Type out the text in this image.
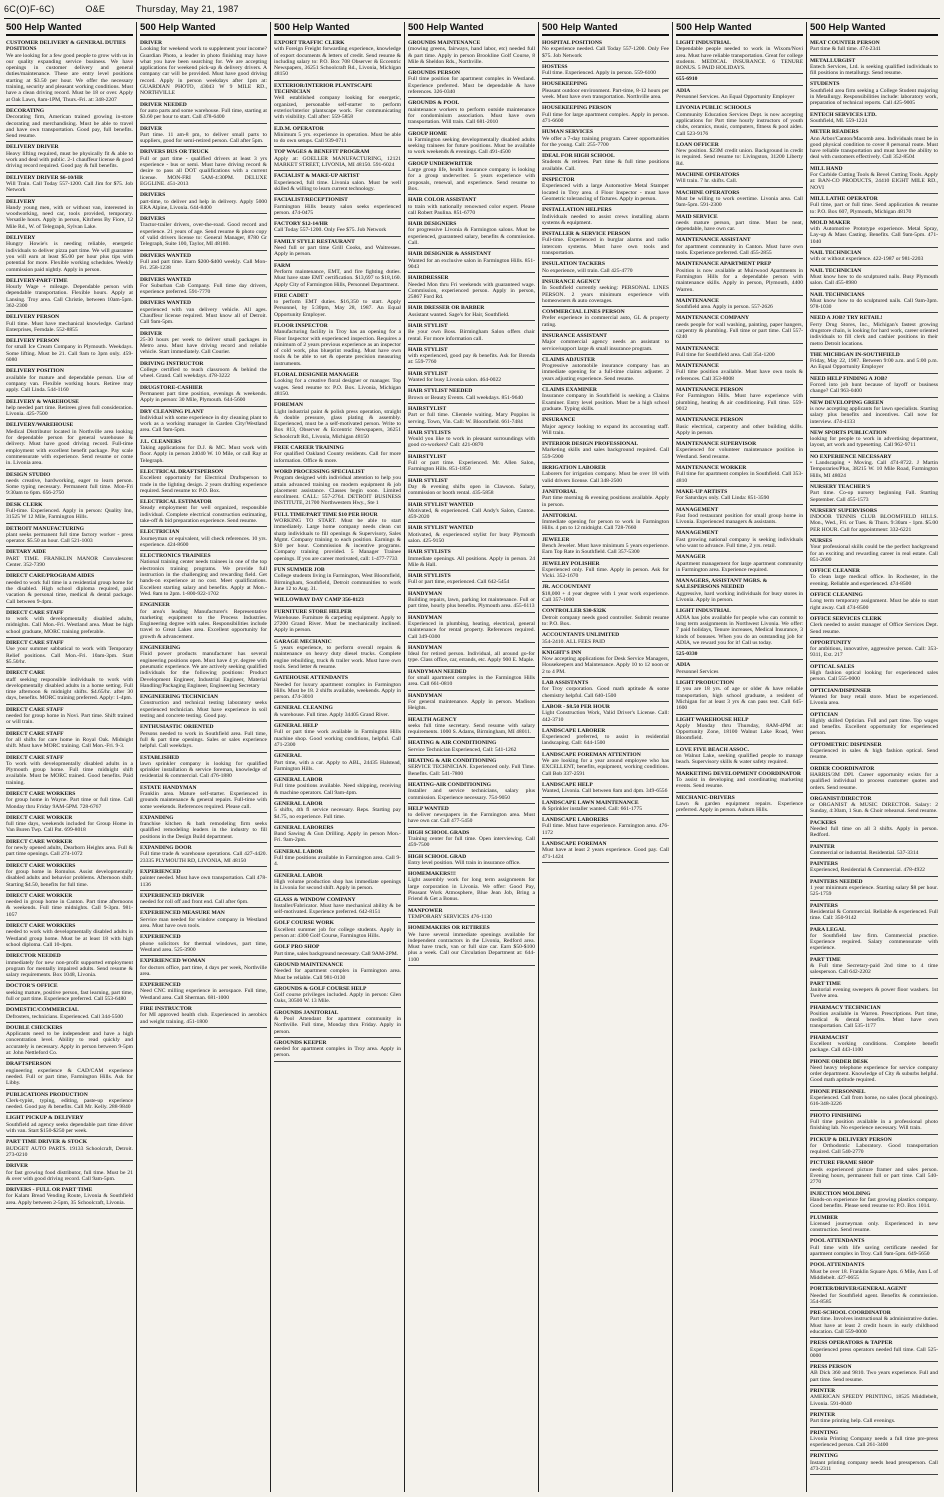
6C(O)F-6C)	O&E	Thursday, May 21, 1987
500 Help Wanted
CUSTOMER DELIVERY & GENERAL DUTIES POSITIONS
We are looking for a few good people to grow with us in our quality expanding service business. We have openings in customer delivery and general duties/maintenance. These are entry level positions starting at $3.50 per hour. We offer the necessary training, security and pleasant working conditions. Must have a clean driving record. Must be 18 or over. Apply at Oak Lawn, 8am-1PM, Thurs.-Fri. at: 348-2207
DECORATING
Decorating firm, American trained growing in-store decorating and merchandising. Must be able to travel and have own transportation. Good pay, full benefits. Send resume.
DELIVERY DRIVER
Heavy lifting required, must be physically fit & able to work and deal with public. 2-1 chauffeur license & good driving record required. Good pay & full benefits.
DELIVERY DRIVER $6-10/HR
Will Train. Call Today 557-1200. Call Jim for $75. Job Network
DELIVERY
Handy young men, with or without van, interested in woodworking, need car, tools provided, temporary. Versatile hours. Apply in person, Kitchens By Fiore, 12 Mile Rd., W. of Telegraph, Sylvan Lake.
DELIVERY
Hungry Howie's is needing reliable, energetic individuals to deliver pizza part time. We will guarantee you will earn at least $5.00 per hour plus tips with potential for more. Flexible working schedules. Weekly commission paid nightly. Apply in person.
DELIVERY-PART-TIME
Hourly Wage + mileage. Dependable person with dependable transportation. Flexible hours. Apply at Lansing. Troy area. Call Christie, between 10am-5pm. 362-2300
DELIVERY PERSON
Full time. Must have mechanical knowledge. Garland Enterprises, Ferndale. 552-8855
DELIVERY PERSON
for small Ice Cream Company in Plymouth. Weekdays. Some lifting. Must be 21. Call 9am to 3pm only. 459-6080
DELIVERY POSITION
available for mature and dependable person. Use of company van. Flexible working hours. Retiree may apply. Call Linda. 544-1160
DELIVERY & WAREHOUSE
help needed part time. Retirees given full consideration. Livonia. 425-7500
DELIVERY/WAREHOUSE
Medical Distributor located in Northville area looking for dependable person for general warehouse & delivery. Must have good driving record. Full-time employment with excellent benefit package. Pay scale commensurate with experience. Send resume or come in. Livonia area.
DESIGN STUDIO
needs creative, hardworking, eager to learn person. Some typing necessary. Permanent full time. Mon-Fri 9:30am to 6pm. 656-2750
DESK CLERK
Full-time. Experienced. Apply in person: Quality Inn, 31525 W 12 Mile, Farmington Hills.
DETROIT MANUFACTURING
plant seeks permanent full time factory worker - press operator. $5.50 an hour. Call 521-1003
DIETARY AIDE
PART TIME. FRANKLIN MANOR Convalescent Center. 352-7390
DIRECT CARE/PROGRAM AIDES
needed to work full time in a residential group home for the disabled. High school diploma required, paid vacation & personal time, medical & dental package. Call between 9-4pm.
DIRECT CARE STAFF
to work with developmentally disabled adults, midnights. Call Mon.-Fri. Westland area. Must be high school graduate, MORC training preferable.
DIRECT CARE STAFF
Use your summer sabbatical to work with Temporary Relief positions. Call Mon.-Fri. 10am-3pm. Start $5.50/hr.
DIRECT CARE
staff seeking responsible individuals to work with developmentally disabled adults in a home setting. Full time afternoon & midnight shifts. $4.65/hr. after 30 days, benefits. MORC training preferred. Apply: 1-4pm.
DIRECT CARE STAFF
needed for group home in Novi. Part time. Shift trained or will train.
DIRECT CARE STAFF
for all shifts for care home in Royal Oak. Midnight shift. Must have MORC training. Call Mon.-Fri. 9-3.
DIRECT CARE STAFF
To work with developmentally disabled adults in a Plymouth group home. Full time midnight shift available. Must be MORC trained. Good benefits. Paid training.
DIRECT CARE WORKERS
for group home in Wayne. Part time or full time. Call Monday thru Friday 9AM-5PM. 728-6767
DIRECT CARE WORKER
full time days, weekends included for Group Home in Van Buren Twp. Call Pat. 699-8018
DIRECT CARE WORKER
for newly opened adults, Dearborn Heights area. Full & part time openings. Call 274-1072
DIRECT CARE WORKERS
for group home in Romulus. Assist developmentally disabled adults and behavior problems. Afternoon shift. Starting $4.50, benefits for full time.
DIRECT CARE WORKER
needed in group home in Canton. Part time afternoons & weekends. Full time midnights. Call 9-3pm. 981-1057
DIRECT CARE WORKERS
needed to work with developmentally disabled adults in Westland group home. Must be at least 18 with high school diploma. Call 10-4pm.
DIRECTOR NEEDED
immediately for new non-profit supported employment program for mentally impaired adults. Send resume & salary requirements. Box 1048, Livonia.
DOCTOR'S OFFICE
seeking mature, positive person, fast learning, part time, full or part time. Experience preferred. Call 553-6480
DOMESTIC/COMMERCIAL
Defrosters, technicians. Experienced. Call 344-5500
DOUBLE CHECKERS
Applicants need to be independent and have a high concentration level. Ability to read quickly and accurately is necessary. Apply in person between 9-5pm at: John Nettleford Co.
DRAFTSPERSON
engineering experience & CAD/CAM experience needed. Full or part time, Farmington Hills. Ask for Libby.
PUBLICATIONS PRODUCTION
Clerk-typist, typing, editing, paste-up experience needed. Good pay & benefits. Call Mr. Kelly. 288-9840
LIGHT PICKUP & DELIVERY
Southfield ad agency seeks dependable part time driver with van. Start $150-$250 per week.
PART TIME DRIVER & STOCK
BUDGET AUTO PARTS. 19133 Schoolcraft, Detroit. 273-0210
DRIVER
for fast growing food distributor, full time. Must be 21 & over with good driving record. Call 9am-5pm.
DRIVERS - FULL OR PART TIME
for Kalam Bread Vending Route, Livonia & Southfield area. Apply between 2-5pm, 35 Schoolcraft, Livonia.
500 Help Wanted
DRIVER
Looking for weekend work to supplement your income? Guardian Photo, a leader in photo finishing may have what you have been searching for. We are accepting applications for weekend pick-up & delivery drivers. A company car will be provided. Must have good driving record. Apply in person weekdays after 1pm at: GUARDIAN PHOTO, 43043 W 9 MILE RD., NORTHVILLE
DRIVER NEEDED
for auto parts and some warehouse. Full time, starting at $3.60 per hour to start. Call 478-6400
DRIVER
Part time. 11 am-8 pm, to deliver small parts to suppliers, good for semi-retired person. Call after 5pm.
DRIVERS BUS OR TRUCK
Full or part time - qualified drivers at least 3 yrs experience - bus or semi. Must have driving record & desire to pass all DOT qualifications with a current license. MON-FRI 5AM-4:30PM. DELUXE EGGLINE. 451-2013
DRIVERS
part-time, to deliver and help in delivery. Apply 5000 ERA Alpine, Livonia. 644-8400
DRIVERS
Tractor-trailer drivers, over-the-road. Good record and experience. 21 years of age. Send resume & photo copy of valid drivers license to: General Manager, 8780 Gr Telegraph, Suite 100, Taylor, MI 48180.
DRIVERS WANTED
Full and part time. Earn $200-$400 weekly. Call Mon-Fri. 258-1238
DRIVERS WANTED
For Suburban Cab Company. Full time day drivers, experience preferred. 591-7770
DRIVERS WANTED
experienced with van delivery vehicle. All ages. Chauffeur license required. Must know all of Detroit. Call 9am-5pm.
DRIVER
25-30 hours per week to deliver small packages in Metro area. Must have driving record and reliable vehicle. Start immediately. Call Courier.
DRIVING INSTRUCTOR
College certified to teach classroom & behind the wheel. Grand. Call weekdays. 478-3222
DRUGSTORE-CASHIER
Permanent part time position, evenings & weekends. Apply in person: 30 Mile, Plymouth. 644-5600
DRY CLEANING PLANT
Individual with some experience in dry cleaning plant to work as a working manager in Garden City/Westland area. Call 9am-5pm.
J.L. CLEANERS
Taking applications for D.J. & MC. Must work with floor. Apply in person 24040 W. 10 Mile, or call Ray at Telegraph.
ELECTRICAL DRAFTSPERSON
Excellent opportunity for Electrical Draftsperson to trade in the lighting design. 2 years drafting experience required. Send resume to: P.O. Box.
ELECTRICAL ESTIMATOR
Steady employment for well organized, responsible individual. Complete electrical construction estimating, take-off & bid preparation experience. Send resume.
ELECTRICIAN
Journeyman or equivalent, will check references. 10 yrs. experience. 424-8600
ELECTRONICS TRAINEES
National training center needs trainees in one of the top electronics training programs. We provide full instruction in the challenging and rewarding field. Get hands-on experience at no cost. Meet qualifications. Excellent starting salary and benefits. Apply at Mon.-Wed. 8am to 2pm. 1-800-922-1702
ENGINEER
for area's leading Manufacturer's Representative marketing equipment to the Process Industries. Engineering degree with sales. Responsibilities include travel to Great Lakes area. Excellent opportunity for growth & advancement.
ENGINEERING
Fluid power products manufacturer has several engineering positions open. Must have 4 yr. degree with pneumatic experience. We are actively seeking qualified individuals for the following positions: Product Development Engineer, Industrial Engineer, Material Handling/Packaging Engineer, Engineering Secretary
ENGINEERING TECHNICIAN
Construction and technical testing laboratory seeks experienced technician. Must have experience in soil testing and concrete testing. Good pay.
ENTHUSIASTIC ORIENTED
Persons needed to work in Southfield area. Full time, full & part time openings. Sales or sales experience helpful. Call weekdays.
ESTABLISHED
lawn sprinkler company is looking for qualified sprinkler installation & service foreman, knowledge of residential & commercial. Call 476-1880
ESTATE HANDYMAN
Franklin area. Mature self-starter. Experienced in grounds maintenance & general repairs. Full-time with some weekends. References required. Please call.
EXPANDING
franchise kitchen & bath remodeling firm seeks qualified remodeling leaders in the industry to fill positions in the Design Build department.
EXPANDING DOOR
Full time trade & warehouse operations. Call 427-4420. 23335 PLYMOUTH RD, LIVONIA, MI 48150
EXPERIENCED
painter needed. Must have own transportation. Call 478-1136
EXPERIENCED DRIVER
needed for roll off and front end. Call after 6pm.
EXPERIENCED MEASURE MAN
Service man needed for window company in Westland area. Must have own tools.
EXPERIENCED
phone solicitors for thermal windows, part time, Westland area. 525-3900
EXPERIENCED WOMAN
for doctors office, part time, 4 days per week, Northville area.
EXPERIENCED
Need CNC milling experience in aerospace. Full time, Westland area. Call Sherman. 681-1000
FIRE INSTRUCTOR
for MI approved health club. Experienced in aerobics and weight training. 451-1800
500 Help Wanted
EXPORT TRAFFIC CLERK
with Foreign Freight forwarding experience, knowledge of export documents & letters of credit. Send resume & including salary to: P.O. Box 708 Observer & Eccentric Newspapers, 36251 Schoolcraft Rd., Livonia, Michigan 48150
EXTERIOR/INTERIOR PLANTSCAPE TECHNICIAN
Well established company looking for energetic, organized, personable self-starter to perform exterior/interior plantscape work. For communicating with visibility. Call after: 559-5858
E.D.M. OPERATOR
Minimum 5 yrs. experience in operation. Must be able to do own setups. Call 939-0711
TOP WAGES & BENEFIT PROGRAM
Apply at: GOELLER MANUFACTURING, 12121 MARKET STREET, LIVONIA, MI 48150. 591-6024
FACIALIST & MAKE-UP ARTIST
Experienced, full time. Livonia salon. Must be well skilled & willing to learn current technology.
FACIALIST/RECEPTIONIST
Farmington Hills beauty salon seeks experienced person. 474-0475
FACTORY $12-14/HR
Call Today 557-1200. Only Fee $75. Job Network
FAMILY STYLE RESTAURANT
Need full or part time Grill Cooks, and Waitresses. Apply in person.
FARM
Perform maintenance, EMT, and fire fighting duties. Must have state EMT certification. $13,697 to $18,160. Apply City of Farmington Hills, Personnel Department.
FIRE CADET
to perform EMT duties. $16,350 to start. Apply Personnel, by 5:30pm, May 28, 1987. An Equal Opportunity Employer.
FLOOR INSPECTOR
Manufacturing facility in Troy has an opening for a Floor Inspector with experienced inspection. Requires a minimum of 2 years previous experience as an inspector of cold work, plus blueprint reading. Must have own tools & be able to set & operate precision measuring instruments.
FLORAL DESIGNER MANAGER
Looking for a creative floral designer or manager. Top wages. Send resume to: P.O. Box. Livonia, Michigan 48150.
FOREMAN
Light industrial paint & polish press operation, straight & double pressure, glass plating & assembly. Experienced, must be a self-motivated person. Write to Box 813, Observer & Eccentric Newspapers, 36251 Schoolcraft Rd., Livonia, Michigan 48150
FREE CAREER TRAINING
For qualified Oakland County residents. Call for more information. Office & more.
WORD PROCESSING SPECIALIST
Program designed with individual attention to help you attain advanced training on modern equipment & job placement assistance. Classes begin soon. Limited enrollment. CALL: 557-2764. DETROIT BUSINESS INSTITUTE, 21700 Northwestern Hwy., Ste 1
FULL TIME/PART TIME $10 PER HOUR
WORKING TO START. Must be able to start immediately. Large home company needs clean cut sharp individuals to fill openings & Supervisory, Sales Mgmt. Company training to each position. Earnings & $10 per hour. Commission & incentive programs. Company training provided. 5 Manager Trainee openings. If you are career motivated, call: 1-477-7733
FUN SUMMER JOB
College students living in Farmington, West Bloomfield, Birmingham, Southfield, Detroit communities to work June 12 to Aug. 31.
WILLOWBAY DAY CAMP 356-8123
FURNITURE STORE HELPER
Warehouse. Furniture & carpeting equipment. Apply to 27200 Grand River. Must be mechanically inclined. Apply in person.
GARAGE MECHANIC
5 years experience, to perform overall repairs & maintenance on heavy duty diesel trucks. Complete engine rebuilding, truck & trailer work. Must have own tools. Send letter & resume.
GATEHOUSE ATTENDANTS
Needed for luxury apartment complex in Farmington Hills. Must be 18. 2 shifts available, weekends. Apply in person. 474-3010
GENERAL CLEANING
& warehouse. Full time. Apply 34405 Grand River.
GENERAL HELP
Full or part time work available in Farmington Hills machine shop. Good working conditions, helpful. Call 471-2300
GENERAL
Part time, with a car. Apply to ABL, 24435 Halstead, Farmington Hills.
GENERAL LABOR
Full time positions available. Need shipping, receiving & machine operators. Call 9am-4pm.
GENERAL LABOR
5 shifts, 4th fl service necessary. Reps. Starting pay $4.75, no experience. Full time.
GENERAL LABORERS
Band Sawing & Gun Drilling. Apply in person Mon.-Fri. 9am-2pm.
GENERAL LABOR
Full time positions available in Farmington area. Call 9-4.
GENERAL LABOR
High volume production shop has immediate openings in Livonia for second shift. Apply in person.
GLASS & WINDOW COMPANY
Installer/Fabricator. Must have mechanical ability & be self-motivated. Experience preferred. 642-8151
GOLF COURSE WORK
Excellent summer job for college students. Apply in person at: 4300 Golf Course, Farmington Hills.
GOLF PRO SHOP
Part time, sales background necessary. Call 9AM-2PM.
GROUND MAINTENANCE
Needed for apartment complex in Farmington area. Must be reliable. Call 981-0130
GROUNDS & GOLF COURSE HELP
Golf course privileges included. Apply in person: Glen Oaks, 30500 W. 13 Mile.
GROUNDS JANITORIAL
& Pool Attendant for apartment community in Northville. Full time, Monday thru Friday. Apply in person.
GROUNDS KEEPER
needed for apartment complex in Troy area. Apply in person.
500 Help Wanted
GROUNDS MAINTENANCE
(mowing greens, fairways, hand labor, etc) needed full & part time. Apply in person Brookline Golf Course, 8 Mile & Sheldon Rds., Northville.
GROUNDS PERSON
Full time position for apartment complex in Westland. Experience preferred. Must be dependable & have references. 326-0340
GROUNDS & POOL
maintenance workers to perform outside maintenance for condominium association. Must have own transportation. Will train. Call 681-2010
GROUP HOME
in Farmington seeking developmentally disabled adults seeking trainees for future positions. Must be available to work weekends & evenings. Call 491-4500
GROUP UNDERWRITER
Large group life, health insurance company is looking for a group underwriter. 5 years experience with proposals, renewal, and experience. Send resume to Box.
HAIR COLOR ASSISTANT
to train with nationally renowned color expert. Please call Robert Paulina. 851-6770
HAIR DESIGNERS
for progressive Livonia & Farmington salons. Must be experienced, guaranteed salary, benefits & commission. Call.
HAIR DESIGNER & ASSISTANT
Wanted for an exclusive salon in Farmington Hills. 851-9043
HAIRDRESSER
Needed Mon thru Fri weekends with guaranteed wage. Commission, experienced person. Apply in person, 25867 Ford Rd.
HAIR DRESSER OR BARBER
Assistant wanted. Sage's for Hair, Southfield.
HAIR STYLIST
Be your own Boss. Birmingham Salon offers chair rental. For more information call.
HAIR STYLIST
with experienced, good pay & benefits. Ask for Brenda at: 559-7760
HAIR STYLIST
Wanted for busy Livonia salon. 464-0022
HAIR STYLIST NEEDED
Brown or Beauty Events. Call weekdays. 851-9640
HAIRSTYLIST
Part or full time. Clientele waiting. Mary Poppins is serving. Town, Vin. Call: W. Bloomfield. 661-7484
HAIR STYLISTS
Would you like to work in pleasant surroundings with good co-workers? Call: 421-0870
HAIRSTYLIST
Full or part time. Experienced. Mr. Allen Salon, Farmington Hills. 851-1850
HAIR STYLIST
Day & evening shifts open in Clawson. Salary, commission or booth rental. 435-5858
HAIR STYLIST WANTED
Motivated, & experienced. Call Andy's Salon, Canton. 459-2020
HAIR STYLIST WANTED
Motivated, & experienced stylist for busy Plymouth salon. 425-9150
HAIR STYLISTS
Immediate openings. All positions. Apply in person. 24 Mile & Hall.
HAIR STYLISTS
Full or part time, experienced. Call 642-5454
HANDYMAN
Building repairs, lawn, parking lot maintenance. Full or part time, hourly plus benefits. Plymouth area. 455-6113
HANDYMAN
Experienced in plumbing, heating, electrical, general maintenance for rental property. References required. Call 349-0300
HANDYMAN
Ideal for retired person. Individual, all around go-for type. Class office, car, errands, etc. Apply 900 E. Maple.
HANDYMAN NEEDED
for small apartment complex in the Farmington Hills area. Call 661-0810
HANDYMAN
For general maintenance. Apply in person. Madison Heights.
HEALTH AGENCY
seeks full time secretary. Send resume with salary requirements. 1000 S. Adams, Birmingham, MI 48011.
HEATING & AIR CONDITIONING
Service Technician Experienced, Call: 541-1262
HEATING & AIR CONDITIONING
SERVICE TECHNICIAN. Experienced only. Full Time. Benefits. Call: 541-7800
HEATING-AIR CONDITIONING
Installer and service technicians, salary plus commission. Experience necessary. 754-9050
HELP WANTED
to deliver newspapers in the Farmington area. Must have own car. Call 477-5450
HIGH SCHOOL GRADS
Training center for full time. Open interviewing. Call 459-7500
HIGH SCHOOL GRAD
Entry level position. Will train in insurance office.
HOMEMAKERS!!!
Light assembly work for long term assignments for large corporation in Livonia. We offer: Good Pay, Pleasant Work Atmosphere, Blue Jean Job, Bring a Friend & Get a Bonus.
MANPOWER
TEMPORARY SERVICES 476-1130
HOMEMAKERS OR RETIREES
We have several immediate openings available for independent contractors in the Livonia, Redford area. Must have truck, van or full size car. Earn $50-$100 plus a week. Call our Circulation Department at: 644-1100
500 Help Wanted
HOSPITAL POSITIONS
No experience needed. Call Today 557-1200. Only Fee $75. Job Network
HOSTESS
Full time. Experienced. Apply in person. 559-6100
HOUSEKEEPING
Pleasant outdoor environment. Part-time, 8-12 hours per week. Must have own transportation. Northville area.
HOUSEKEEPING PERSON
Full time for large apartment complex. Apply in person. 471-6600
HUMAN SERVICES
We offer a 7-day training program. Career opportunities for the young. Call: 255-7700
IDEAL FOR HIGH SCHOOL
Students & retirees. Part time & full time positions available. Call.
INSPECTOR
Experienced with a large Automotive Metal Stamper located in Troy area. 4 Floor Inspector - must have Geometric tolerancing of fixtures. Apply in person.
INSTALLATION HELPERS
Individuals needed to assist crews installing alarm systems & equipment.
INSTALLER & SERVICE PERSON
Full-time. Experienced in burglar alarms and radio intercom systems. Must have own tools and transportation.
INSULATION TACKERS
No experience, will train. Call 425-4770
INSURANCE AGENCY
In Southfield currently seeking: PERSONAL LINES PERSON. 2 years minimum experience with homeowners & auto coverages.
COMMERCIAL LINES PERSON
Prefer experience in commercial auto, GL & property rating.
INSURANCE ASSISTANT
Major commercial agency needs an assistant to service/support large & small insurance program.
CLAIMS ADJUSTER
Progressive automobile insurance company has an immediate opening for a full-time claims adjuster. 2 years adjusting experience. Send resume.
CLAIMS EXAMINER
Insurance company in Southfield is seeking a Claims Examiner. Entry level position. Must be a high school graduate. Typing skills.
INSURANCE
Major agency looking to expand its accounting staff. Will train.
INTERIOR DESIGN PROFESSIONAL
Marketing skills and sales background required. Call 559-5900
IRRIGATION LABORER
Laborers for irrigation company. Must be over 18 with valid drivers license. Call 348-2500
JANITORIAL
Part time morning & evening positions available. Apply in person.
JANITORIAL
Immediate opening for person to work in Farmington Hills. 4 pm to 12 midnight. Call 728-7660
JEWELER
Bench Jeweler. Must have minimum 5 years experience. Earn Top Rate in Southfield. Call 357-5300
JEWELRY POLISHER
Experienced only. Full time. Apply in person. Ask for Vicki. 352-1670
JR. ACCOUNTANT
$18,000 + 4 year degree with 1 year work experience. Call 357-1000
CONTROLLER $30-$32K
Detroit company needs good controller. Submit resume to: P.O. Box.
ACCOUNTANTS UNLIMITED
354-2410. ALL FEES PAID
KNIGHT'S INN
Now accepting applications for Desk Service Managers, Housekeepers and Maintenance. Apply 10 to 12 noon or 2 to 4 PM.
LAB ASSISTANTS
for Troy corporation. Good math aptitude & some chemistry helpful. Call 640-1500
LABOR - $8.50 PER HOUR
Light Construction Work, Valid Driver's License. Call: 442-3710
LANDSCAPE LABORER
Experienced preferred, to assist in residential landscaping. Call: 644-1500
LANDSCAPE FOREMAN ATTENTION
We are looking for a year around employee who has EXCELLENT, benefits, equipment, working conditions. Call Bob 337-2591
LANDSCAPE HELP
Wanted, Livonia. Call between 8am and 4pm. 349-6556
LANDSCAPE LAWN MAINTENANCE
& Sprinkler installer wanted. Call: 661-1775
LANDSCAPE LABORERS
Full time. Must have experience. Farmington area. 476-1172
LANDSCAPE FOREMAN
Must have at least 2 years experience. Good pay. Call 471-1424
500 Help Wanted
LIGHT INDUSTRIAL
Dependable people needed to work in Wixom/Novi area. Must have reliable transportation. Great for college students. MEDICAL INSURANCE. 6 TENURE BONUS. 5 PAID HOLIDAYS.
655-6910
ADIA
Personnel Services. An Equal Opportunity Employer
LIVONIA PUBLIC SCHOOLS
Community Education Services Dept. is now accepting applications for Part time hourly instructors of youth clubs, ceramics, music, computers, fitness & pool aides. Call 523-9176
LOAN OFFICER
New position. $23M credit union. Background in credit is required. Send resume to: Livingston, 31200 Liberty Rd.
MACHINE OPERATORS
Will train. 7 hr. shifts. Call.
MACHINE OPERATORS
Must be willing to work overtime. Livonia area. Call 9am-5pm. 591-2300
MAID SERVICE
needs mature person, part time. Must be neat, dependable, have own car.
MAINTENANCE ASSISTANT
for apartment community in Canton. Must have own tools. Experience preferred. Call 455-2855
MAINTENANCE APARTMENT PREP
Position is now available at Muirwood Apartments in Farmington Hills for a dependable person with maintenance skills. Apply in person, Plymouth, 4400 Warren.
MAINTENANCE
Southfield area. Apply in person. 557-2626
MAINTENANCE COMPANY
needs people for wall washing, painting, paper hangers, carpentry & plumbing. Full time or part time. Call 557-6240
MAINTENANCE
Full time for Southfield area. Call 354-1200
MAINTENANCE
Full time position available. Must have own tools & references. Call 353-8008
MAINTENANCE PERSON
For Farmington Hills. Must have experience with plumbing, heating & air conditioning. Full time. 559-9012
MAINTENANCE PERSON
Basic electrical, carpentry and other building skills. Apply in person.
MAINTENANCE SUPERVISOR
Experienced for volunteer maintenance position in Westland. Send resume.
MAINTENANCE WORKER
Full time for apartment complex in Southfield. Call 353-4810
MAKE-UP ARTISTS
For Saturdays only. Call Linda: 851-3590
MANAGEMENT
Fast food restaurant position for small group home in Livonia. Experienced managers & assistants.
MANAGEMENT
Fast growing national company is seeking individuals who want to advance. Full time, 2 yrs. retail.
MANAGER
Apartment management for large apartment community in Farmington area. Experience required.
MANAGERS, ASSISTANT MGRS. & SALESPERSONS NEEDED
Aggressive, hard working individuals for busy stores in Livonia. Apply in person.
LIGHT INDUSTRIAL
ADIA has jobs available for people who can commit to long term assignments in Northwest Livonia. We offer: 7 paid holidays, Tenure increases, Medical Insurance, 3 kinds of bonuses. When you do an outstanding job for ADIA, we reward you for it! Call us today.
525-0330
ADIA
Personnel Services
LIGHT PRODUCTION
If you are 18 yrs. of age or older & have reliable transportation, high school graduate, a resident of Michigan for at least 3 yrs & can pass test. Call 645-1600
LIGHT WAREHOUSE HELP
Apply Monday thru Thursday, 8AM-4PM at: Opportunity Zone, 18100 Walnut Lake Road, West Bloomfield.
LOVE FIVE BEACH ASSOC.
on Walnut Lake, seeking qualified people to manage beach. Supervisory skills & water safety required.
MARKETING DEVELOPMENT COORDINATOR
To assist in developing and coordinating marketing events. Send resume.
MECHANIC-DRIVERS
Lawn & garden equipment repairs. Experience preferred. Apply in person. Auburn Hills.
500 Help Wanted
MEAT COUNTER PERSON
Part time & full time. 474-2341
METALLURGIST
Entech Services, Ltd. is seeking qualified individuals to fill positions in metallurgy. Send resume.
STUDENTS
Southfield area firm seeking a College Student majoring in Metallurgy. Responsibilities include: laboratory work, preparation of technical reports. Call 425-9005
ENTECH SERVICES LTD.
Southfield, MI. 559-1224
METER READERS
Ann Arbor/Canton/Macomb area. Individuals must be in good physical condition to cover 8 personal route. Must have reliable transportation and must have the ability to deal with customers effectively. Call 352-8504
MILL HAND
For Carbide Cutting Tools & Bevel Cutting Tools. Apply at: BAN-CO PRODUCTS, 24410 EIGHT MILE RD., NOVI
MILL LATHE OPERATOR
Full time, part or full time. Send application & resume to: P.O. Box 607, Plymouth, Michigan 48170
MOLD MAKER
with Automotive Prototype experience. Metal Spray, Lay-up & Mass Casting. Benefits. Call 9am-5pm. 471-1040
NAIL TECHNICIAN
with or without experience. 422-1987 or 981-2203
NAIL TECHNICIAN
Must know how to do sculptured nails. Busy Plymouth salon. Call 455-8980
NAIL TECHNICIANS
Must know how to do sculptured nails. Call 9am-3pm. 978-1030
NEED A JOB? TRY RETAIL!
Ferry Drug Stores, Inc., Michigan's fastest growing drugstore chain, is looking for hard work, career oriented individuals to fill clerk and cashier positions in their metro Detroit locations.
THE MICHIGAN IN-SOUTHFIELD
Friday, May 22, 1987. Between 9:00 a.m. and 5:00 p.m. An Equal Opportunity Employer
NEED HELP FINDING A JOB?
Forced into job hunt because of layoff or business change? Call 963-0400
NEW DEVELOPING GREEN
is now accepting applicants for lawn specialists. Starting salary plus benefits and incentives. Call now for interview. 474-4133
NEW SPORTS PUBLICATION
looking for people to work in advertising department, layout, art work and typesetting. Call 962-9711
NO EXPERIENCE NECESSARY
• Landscaping • Moving. Call 474-8722. J Martin Temporaries/Plus, 38215 W. 10 Mile Road, Farmington Hills, MI 48024
NURSERY TEACHER'S
Part time. Co-op nursery beginning Fall. Starting September. Call 455-1573
NURSERY SUPERVISORS
INDOOR TENNIS CLUB BLOOMFIELD HILLS. Mon., Wed., Fri. or Tues. & Thurs. 9:30am - 1pm. $5.00 PER HOUR. Call for appointment: 332-6221
NURSES
Your professional skills could be the perfect background for an exciting and rewarding career in real estate. Call 851-2600
OFFICE CLEANER
To clean large medical office. In Rochester, in the evening. Reliable and experienced. 474-8500
OFFICE CLEANING
Long term temporary assignment. Must be able to start right away. Call 474-8500
OFFICE SERVICES CLERK
Clerk needed to assist manager of Office Services Dept. Send resume.
OPPORTUNITY
for ambitious, innovative, aggressive person. Call: 353-9311, Ext. 217
OPTICAL SALES
High fashion optical looking for experienced sales person. Call 555-0000
OPTICIAN/DISPENSER
Wanted for busy retail store. Must be experienced. Livonia area.
OPTICIAN
Highly skilled Optician. Full and part time. Top wages and benefits. Excellent opportunity for experienced person.
OPTOMETRIC DISPENSER
Experienced in sales & high fashion optical. Send resume.
ORDER COORDINATOR
HARRIS/3M DPI. Career opportunity exists for a qualified individual to process customer quotes and orders. Send resume.
ORGANIST/DIRECTOR
or ORGANIST & MUSIC DIRECTOR. Salary: 2 Sunday, 4:30am, 1 Sun. & Choir rehearsal. Send resume.
PACKERS
Needed full time on all 3 shifts. Apply in person. Redford.
PAINTER
Commercial or industrial. Residential. 537-3314
PAINTERS
Experienced, Residential & Commercial. 478-4922
PAINTERS NEEDED
1 year minimum experience. Starting salary $8 per hour. 525-1759
PAINTERS
Residential & Commercial. Reliable & experienced. Full time. Call: 350-9142
PARA LEGAL
for Southfield law firm. Commercial practice. Experience required. Salary commensurate with experience.
PART TIME
& Full time Secretary-paid 2nd time to 4 time salesperson. Call 642-2202
PART TIME
Janitorial evening sweepers & power floor washers. 1st Twelve area.
PHARMACY TECHNICIAN
Position available in Warren. Prescriptions. Part time, medical & dental benefits. Must have own transportation. Call 535-1177
PHARMACIST
Excellent working conditions. Complete benefit package. Call 443-1100
PHONE ORDER DESK
Need heavy telephone experience for service company order department. Knowledge of City & suburbs helpful. Good math aptitude required.
PHONE PERSONNEL
Experienced. Call from home, no sales (local phonings). 616-348-3226
PHOTO FINISHING
Full time position available in a professional photo finishing lab. No experience necessary. Will train.
PICKUP & DELIVERY PERSON
for Orthodontic Laboratory. Good transportation required. Call 540-2770
PICTURE FRAME SHOP
needs experienced picture framer and sales person. Evening hours, permanent full or part time. Call 540-2770
INJECTION MOLDING
Hands-on experience for fast growing plastics company. Good benefits. Please send resume to: P.O. Box 1014.
PLUMBER
Licensed journeyman only. Experienced in new construction. Send resume.
POOL ATTENDANTS
Full time with life saving certificate needed for apartment complex in Troy. Call 9am-5pm. 649-5650
POOL ATTENDANTS
Must be over 18. Franklin Square Apts. 6 Mile, Ann L of Middlebelt. 427-0655
PORTER/DRIVER/GENERAL AGENT
Needed for Southfield agent. Benefits & commission. 354-8585
PRE-SCHOOL COORDINATOR
Part time. Involves instructional & administrative duties. Must have at least 2 credit hours in early childhood education. Call 559-0000
PRESS OPERATORS & TAPPER
Experienced press operators needed full time. Call 525-0000
PRESS PERSON
AB Dick 360 and 9810. Two years experience. Full and part time. Send resume.
PRINTER
AMERICAN SPEEDY PRINTING, 18525 Middlebelt, Livonia. 591-0040
PRINTER
Part time printing help. Call evenings.
PRINTING
Livonia Printing Company needs a full time pre-press experienced person. Call 261-3400
PRINTING
Instant printing company needs head pressperson. Call 473-2311
